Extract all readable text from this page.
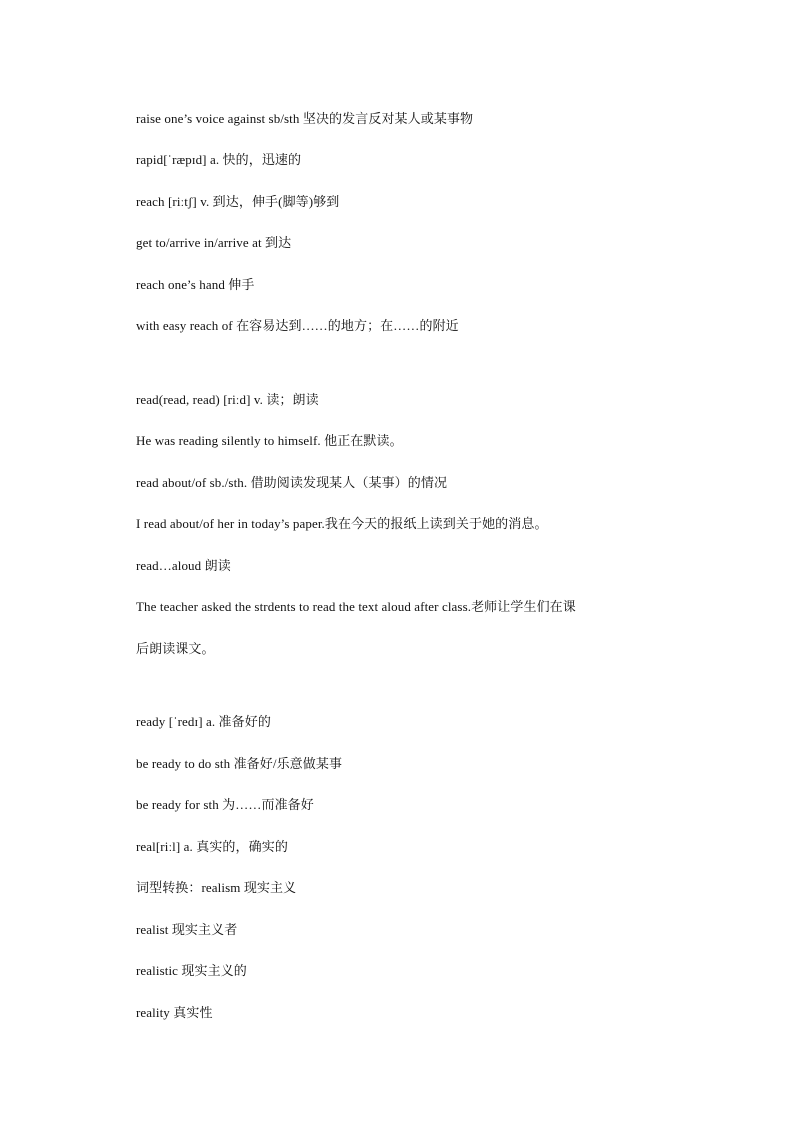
raise one’s voice against sb/sth 坚决的发言反对某人或某事物
rapid[ˈræpɪd] a. 快的，迅速的
reach [riːtʃ] v. 到达，伸手(脚等)够到
get to/arrive in/arrive at 到达
reach one’s hand 伸手
with easy reach of 在容易达到……的地方；在……的附近
read(read, read) [riːd] v. 读；朗读
He was reading silently to himself. 他正在默读。
read about/of sb./sth. 借助阅读发现某人（某事）的情况
I read about/of her in today’s paper.我在今天的报纸上读到关于她的消息。
read…aloud 朗读
The teacher asked the strdents to read the text aloud after class.老师让学生们在课
后朗读课文。
ready [ˈredɪ] a. 准备好的
be ready to do sth 准备好/乐意做某事
be ready for sth 为……而准备好
real[riːl] a. 真实的，确实的
词型转换：realism 现实主义
realist 现实主义者
realistic 现实主义的
reality 真实性
